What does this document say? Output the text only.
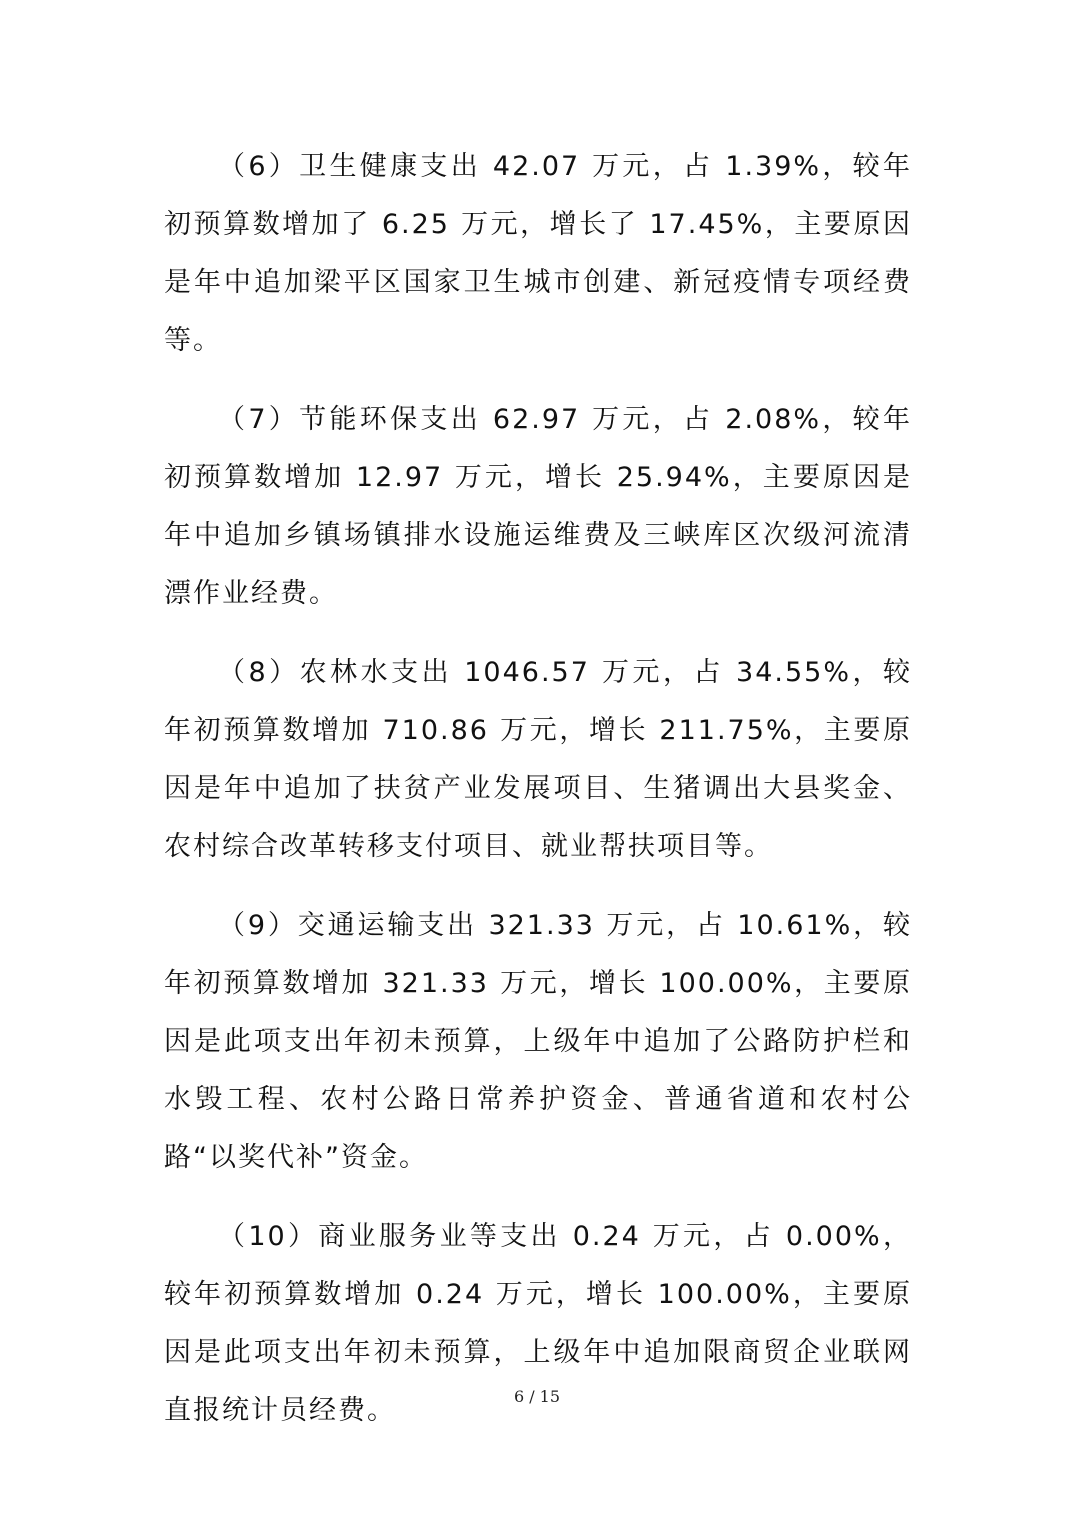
（6）卫生健康支出 42.07 万元，占 1.39%，较年初预算数增加了 6.25 万元，增长了 17.45%，主要原因是年中追加梁平区国家卫生城市创建、新冠疫情专项经费等。

（7）节能环保支出 62.97 万元，占 2.08%，较年初预算数增加 12.97 万元，增长 25.94%，主要原因是年中追加乡镇场镇排水设施运维费及三峡库区次级河流清漂作业经费。

（8）农林水支出 1046.57 万元，占 34.55%，较年初预算数增加 710.86 万元，增长 211.75%，主要原因是年中追加了扶贫产业发展项目、生猪调出大县奖金、农村综合改革转移支付项目、就业帮扶项目等。

（9）交通运输支出 321.33 万元，占 10.61%，较年初预算数增加 321.33 万元，增长 100.00%，主要原因是此项支出年初未预算，上级年中追加了公路防护栏和水毁工程、农村公路日常养护资金、普通省道和农村公路“以奖代补”资金。

（10）商业服务业等支出 0.24 万元，占 0.00%，较年初预算数增加 0.24 万元，增长 100.00%，主要原因是此项支出年初未预算，上级年中追加限商贸企业联网直报统计员经费。	6 / 15
